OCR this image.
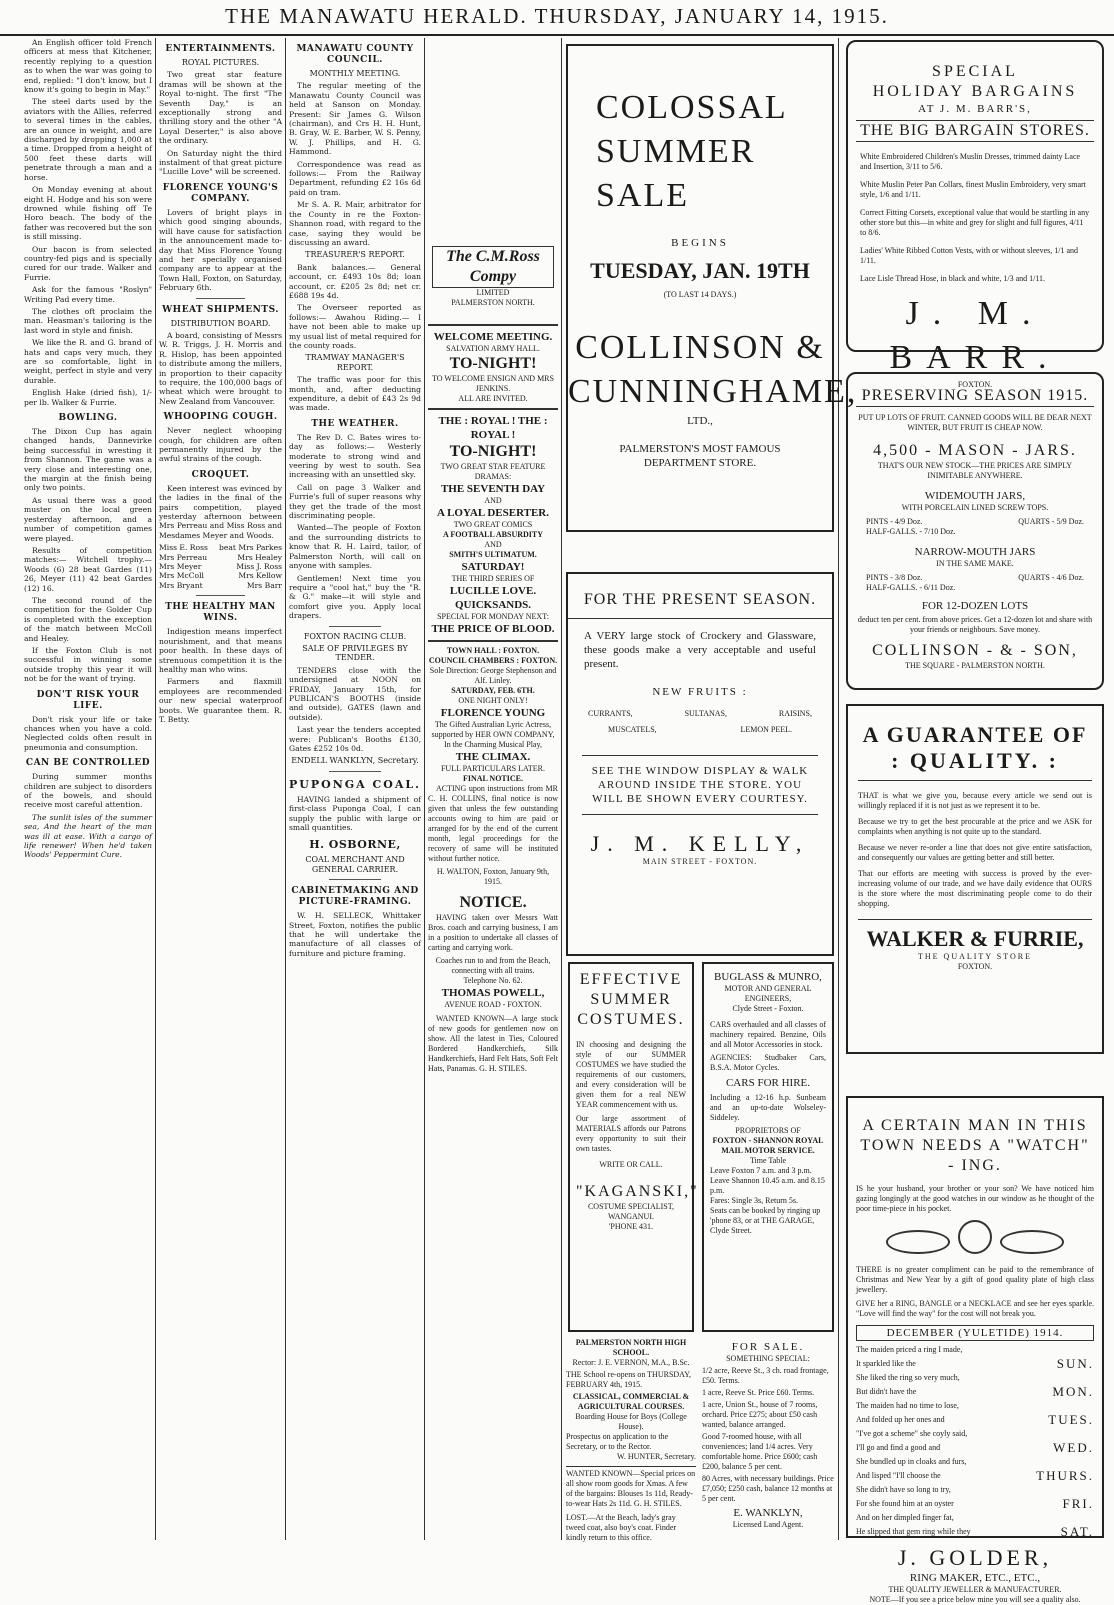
THE MANAWATU HERALD. THURSDAY, JANUARY 14, 1915.

An English officer told French officers at mess that Kitchener, recently replying to a question as to when the war was going to end, replied: "I don't know, but I know it's going to begin in May."

The steel darts used by the aviators with the Allies, referred to several times in the cables, are an ounce in weight, and are discharged by dropping 1,000 at a time. Dropped from a height of 500 feet these darts will penetrate through a man and a horse.

On Monday evening at about eight H. Hodge and his son were drowned while fishing off Te Horo beach. The body of the father was recovered but the son is still missing.

Our bacon is from selected country-fed pigs and is specially cured for our trade. Walker and Furrie.

Ask for the famous "Roslyn" Writing Pad every time.

The clothes oft proclaim the man. Heasman's tailoring is the last word in style and finish.

We like the R. and G. brand of hats and caps very much, they are so comfortable, light in weight, perfect in style and very durable.

English Hake (dried fish), 1/- per lb. Walker & Furrie.

BOWLING.

The Dixon Cup has again changed hands, Dannevirke being successful in wresting it from Shannon. The game was a very close and interesting one, the margin at the finish being only two points.

As usual there was a good muster on the local green yesterday afternoon, and a number of competition games were played.

Results of competition matches:— Witchell trophy.— Woods (6) 28 beat Gardes (11) 26, Meyer (11) 42 beat Gardes (12) 16.

The second round of the competition for the Golder Cup is completed with the exception of the match between McColl and Healey.

If the Foxton Club is not successful in winning some outside trophy this year it will not be for the want of trying.

DON'T RISK YOUR LIFE.

Don't risk your life or take chances when you have a cold. Neglected colds often result in pneumonia and consumption.

CAN BE CONTROLLED

During summer months children are subject to disorders of the bowels, and should receive most careful attention.

The sunlit isles of the summer sea, And the heart of the man was ill at ease. With a cargo of life renewer! When he'd taken Woods' Peppermint Cure.

ENTERTAINMENTS.
ROYAL PICTURES.

Two great star feature dramas will be shown at the Royal to-night. The first "The Seventh Day," is an exceptionally strong and thrilling story and the other "A Loyal Deserter," is also above the ordinary.

On Saturday night the third instalment of that great picture "Lucille Love" will be screened.

FLORENCE YOUNG'S COMPANY.

Lovers of bright plays in which good singing abounds, will have cause for satisfaction in the announcement made to-day that Miss Florence Young and her specially organised company are to appear at the Town Hall, Foxton, on Saturday, February 6th.

WHEAT SHIPMENTS.
DISTRIBUTION BOARD.

A board, consisting of Messrs W. R. Triggs, J. H. Morris and R. Hislop, has been appointed to distribute among the millers, in proportion to their capacity to require, the 100,000 bags of wheat which were brought to New Zealand from Vancouver.

WHOOPING COUGH.

Never neglect whooping cough, for children are often permanently injured by the awful strains of the cough.

CROQUET.

Keen interest was evinced by the ladies in the final of the pairs competition, played yesterday afternoon between Mrs Perreau and Miss Ross and Mesdames Meyer and Woods.

Miss E. Ross beat Mrs Parkes
Mrs Perreau	Mrs Healey
Mrs Meyer	Miss J. Ross
Mrs McColl	Mrs Kellow
Mrs Bryant	Mrs Barr
THE HEALTHY MAN WINS.

Indigestion means imperfect nourishment, and that means poor health. In these days of strenuous competition it is the healthy man who wins.

Farmers and flaxmill employees are recommended our new special waterproof boots. We guarantee them. R. T. Betty.

MANAWATU COUNTY COUNCIL.
MONTHLY MEETING.

The regular meeting of the Manawatu County Council was held at Sanson on Monday. Present: Sir James G. Wilson (chairman), and Crs H. H. Hunt, B. Gray, W. E. Barber, W. S. Penny, W. J. Phillips, and H. G. Hammond.

Correspondence was read as follows:— From the Railway Department, refunding £2 16s 6d paid on tram.

Mr S. A. R. Mair, arbitrator for the County in re the Foxton-Shannon road, with regard to the case, saying they would be discussing an award.

TREASURER'S REPORT.

Bank balances.— General account, cr. £493 10s 8d; loan account, cr. £205 2s 8d; net cr. £688 19s 4d.

The Overseer reported as follows:— Awahou Riding.— I have not been able to make up my usual list of metal required for the county roads.

TRAMWAY MANAGER'S REPORT.

The traffic was poor for this month, and, after deducting expenditure, a debit of £43 2s 9d was made.

THE WEATHER.

The Rev D. C. Bates wires to-day as follows:— Westerly moderate to strong wind and veering by west to south. Sea increasing with an unsettled sky.

Call on page 3 Walker and Furrie's full of super reasons why they get the trade of the most discriminating people.

Wanted—The people of Foxton and the surrounding districts to know that R. H. Laird, tailor, of Palmerston North, will call on anyone with samples.

Gentlemen! Next time you require a "cool hat," buy the "R. & G." make—it will style and comfort give you. Apply local drapers.

FOXTON RACING CLUB.
SALE OF PRIVILEGES BY TENDER.

TENDERS close with the undersigned at NOON on FRIDAY, January 15th, for PUBLICAN'S BOOTHS (inside and outside), GATES (lawn and outside).

Last year the tenders accepted were: Publican's Booths £130, Gates £252 10s 0d.

ENDELL WANKLYN, Secretary.
PUPONGA COAL.

HAVING landed a shipment of first-class Puponga Coal, I can supply the public with large or small quantities.

H. OSBORNE,
COAL MERCHANT AND GENERAL CARRIER.
CABINETMAKING AND PICTURE-FRAMING.

W. H. SELLECK, Whittaker Street, Foxton, notifies the public that he will undertake the manufacture of all classes of furniture and picture framing.

The C.M.Ross Compy
LIMITED
PALMERSTON NORTH.
WELCOME MEETING.
SALVATION ARMY HALL.
TO-NIGHT!
TO WELCOME ENSIGN AND MRS JENKINS.
ALL ARE INVITED.
THE : ROYAL ! THE : ROYAL !
TO-NIGHT!
TWO GREAT STAR FEATURE DRAMAS:
THE SEVENTH DAY
AND
A LOYAL DESERTER.
TWO GREAT COMICS
A FOOTBALL ABSURDITY
AND
SMITH'S ULTIMATUM.
SATURDAY!
THE THIRD SERIES OF
LUCILLE LOVE.
QUICKSANDS.
SPECIAL FOR MONDAY NEXT:
THE PRICE OF BLOOD.
TOWN HALL : FOXTON. COUNCIL CHAMBERS : FOXTON.
Sole Direction: George Stephenson and Alf. Linley.
SATURDAY, FEB. 6TH.
ONE NIGHT ONLY!
FLORENCE YOUNG
The Gifted Australian Lyric Actress, supported by HER OWN COMPANY,
In the Charming Musical Play,
THE CLIMAX.
FULL PARTICULARS LATER.
FINAL NOTICE.

ACTING upon instructions from MR C. H. COLLINS, final notice is now given that unless the few outstanding accounts owing to him are paid or arranged for by the end of the current month, legal proceedings for the recovery of same will be instituted without further notice.

H. WALTON, Foxton, January 9th, 1915.
NOTICE.

HAVING taken over Messrs Watt Bros. coach and carrying business, I am in a position to undertake all classes of carting and carrying work.

Coaches run to and from the Beach, connecting with all trains.
Telephone No. 62.
THOMAS POWELL,
AVENUE ROAD - FOXTON.

WANTED KNOWN—A large stock of new goods for gentlemen now on show. All the latest in Ties, Coloured Bordered Handkerchiefs, Silk Handkerchiefs, Hard Felt Hats, Soft Felt Hats, Panamas. G. H. STILES.

COLOSSAL
SUMMER
SALE
BEGINS
TUESDAY, JAN. 19TH
(TO LAST 14 DAYS.)
COLLINSON &
CUNNINGHAME,
LTD.,
PALMERSTON'S MOST FAMOUS DEPARTMENT STORE.
FOR THE PRESENT SEASON.

A VERY large stock of Crockery and Glassware, these goods make a very acceptable and useful present.

NEW FRUITS :
CURRANTS,	SULTANAS,	RAISINS,
MUSCATELS,	LEMON PEEL.
SEE THE WINDOW DISPLAY & WALK AROUND INSIDE THE STORE. YOU WILL BE SHOWN EVERY COURTESY.
J. M. KELLY,
MAIN STREET - FOXTON.
EFFECTIVE
SUMMER
COSTUMES.

IN choosing and designing the style of our SUMMER COSTUMES we have studied the requirements of our customers, and every consideration will be given them for a real NEW YEAR commencement with us.

Our large assortment of MATERIALS affords our Patrons every opportunity to suit their own tastes.

WRITE OR CALL.
"KAGANSKI,"
COSTUME SPECIALIST, WANGANUI.
'PHONE 431.
BUGLASS & MUNRO,
MOTOR AND GENERAL ENGINEERS,
Clyde Street - Foxton.

CARS overhauled and all classes of machinery repaired. Benzine, Oils and all Motor Accessories in stock.

AGENCIES: Studbaker Cars, B.S.A. Motor Cycles.

CARS FOR HIRE.

Including a 12-16 h.p. Sunbeam and an up-to-date Wolseley-Siddeley.

PROPRIETORS OF
FOXTON - SHANNON ROYAL MAIL MOTOR SERVICE.
Time Table
Leave Foxton 7 a.m. and 3 p.m.
Leave Shannon 10.45 a.m. and 8.15 p.m.
Fares: Single 3s, Return 5s.
Seats can be booked by ringing up 'phone 83, or at THE GARAGE, Clyde Street.
PALMERSTON NORTH HIGH SCHOOL.
Rector: J. E. VERNON, M.A., B.Sc.

THE School re-opens on THURSDAY, FEBRUARY 4th, 1915.

CLASSICAL, COMMERCIAL & AGRICULTURAL COURSES.
Boarding House for Boys (College House).
Prospectus on application to the Secretary, or to the Rector.
W. HUNTER, Secretary.

WANTED KNOWN—Special prices on all show room goods for Xmas. A few of the bargains: Blouses 1s 11d, Ready-to-wear Hats 2s 11d. G. H. STILES.

LOST.—At the Beach, lady's gray tweed coat, also boy's coat. Finder kindly return to this office.

FOR SALE.
SOMETHING SPECIAL:

1/2 acre, Reeve St., 3 ch. road frontage, £50. Terms.

1 acre, Reeve St. Price £60. Terms.

1 acre, Union St., house of 7 rooms, orchard. Price £275; about £50 cash wanted, balance arranged.

Good 7-roomed house, with all conveniences; land 1/4 acres. Very comfortable home. Price £600; cash £200, balance 5 per cent.

80 Acres, with necessary buildings. Price £7,050; £250 cash, balance 12 months at 5 per cent.

E. WANKLYN,
Licensed Land Agent.
SPECIAL
HOLIDAY BARGAINS
AT J. M. BARR'S,
THE BIG BARGAIN STORES.

White Embroidered Children's Muslin Dresses, trimmed dainty Lace and Insertion, 3/11 to 5/6.

White Muslin Peter Pan Collars, finest Muslin Embroidery, very smart style, 1/6 and 1/11.

Correct Fitting Corsets, exceptional value that would be startling in any other store but this—in white and grey for slight and full figures, 4/11 to 8/6.

Ladies' White Ribbed Cotton Vests, with or without sleeves, 1/1 and 1/11.

Lace Lisle Thread Hose, in black and white, 1/3 and 1/11.

J. M. BARR.
FOXTON.
PRESERVING SEASON 1915.

PUT UP LOTS OF FRUIT. CANNED GOODS WILL BE DEAR NEXT WINTER, BUT FRUIT IS CHEAP NOW.

4,500 - MASON - JARS.
THAT'S OUR NEW STOCK—THE PRICES ARE SIMPLY INIMITABLE ANYWHERE.
WIDEMOUTH JARS,
WITH PORCELAIN LINED SCREW TOPS.
PINTS - 4/9 Doz.	QUARTS - 5/9 Doz.
HALF-GALLS. - 7/10 Doz.
NARROW-MOUTH JARS
IN THE SAME MAKE.
PINTS - 3/8 Doz.	QUARTS - 4/6 Doz.
HALF-GALLS. - 6/11 Doz.
FOR 12-DOZEN LOTS

deduct ten per cent. from above prices. Get a 12-dozen lot and share with your friends or neighbours. Save money.

COLLINSON - & - SON,
THE SQUARE - PALMERSTON NORTH.
A GUARANTEE OF
: QUALITY. :

THAT is what we give you, because every article we send out is willingly replaced if it is not just as we represent it to be.

Because we try to get the best procurable at the price and we ASK for complaints when anything is not quite up to the standard.

Because we never re-order a line that does not give entire satisfaction, and consequently our values are getting better and still better.

That our efforts are meeting with success is proved by the ever-increasing volume of our trade, and we have daily evidence that OURS is the store where the most discriminating people come to do their shopping.

WALKER & FURRIE,
THE QUALITY STORE
FOXTON.
A CERTAIN MAN IN THIS TOWN NEEDS A "WATCH" - ING.

IS he your husband, your brother or your son? We have noticed him gazing longingly at the good watches in our window as he thought of the poor time-piece in his pocket.

THERE is no greater compliment can be paid to the remembrance of Christmas and New Year by a gift of good quality plate of high class jewellery.

GIVE her a RING, BANGLE or a NECKLACE and see her eyes sparkle. "Love will find the way" for the cost will not break you.

DECEMBER (YULETIDE) 1914.
The maiden priced a ring I made,
It sparkled like the	SUN.
She liked the ring so very much,
But didn't have the	MON.
The maiden had no time to lose,
And folded up her ones and	TUES.
"I've got a scheme" she coyly said,
I'll go and find a good and	WED.
She bundled up in cloaks and furs,
And lisped "I'll choose the	THURS.
She didn't have so long to try,
For she found him at an oyster	FRI.
And on her dimpled finger fat,
He slipped that gem ring while they	SAT.
J. GOLDER,
RING MAKER, ETC., ETC.,
THE QUALITY JEWELLER & MANUFACTURER.
NOTE—If you see a price below mine you will see a quality also.
